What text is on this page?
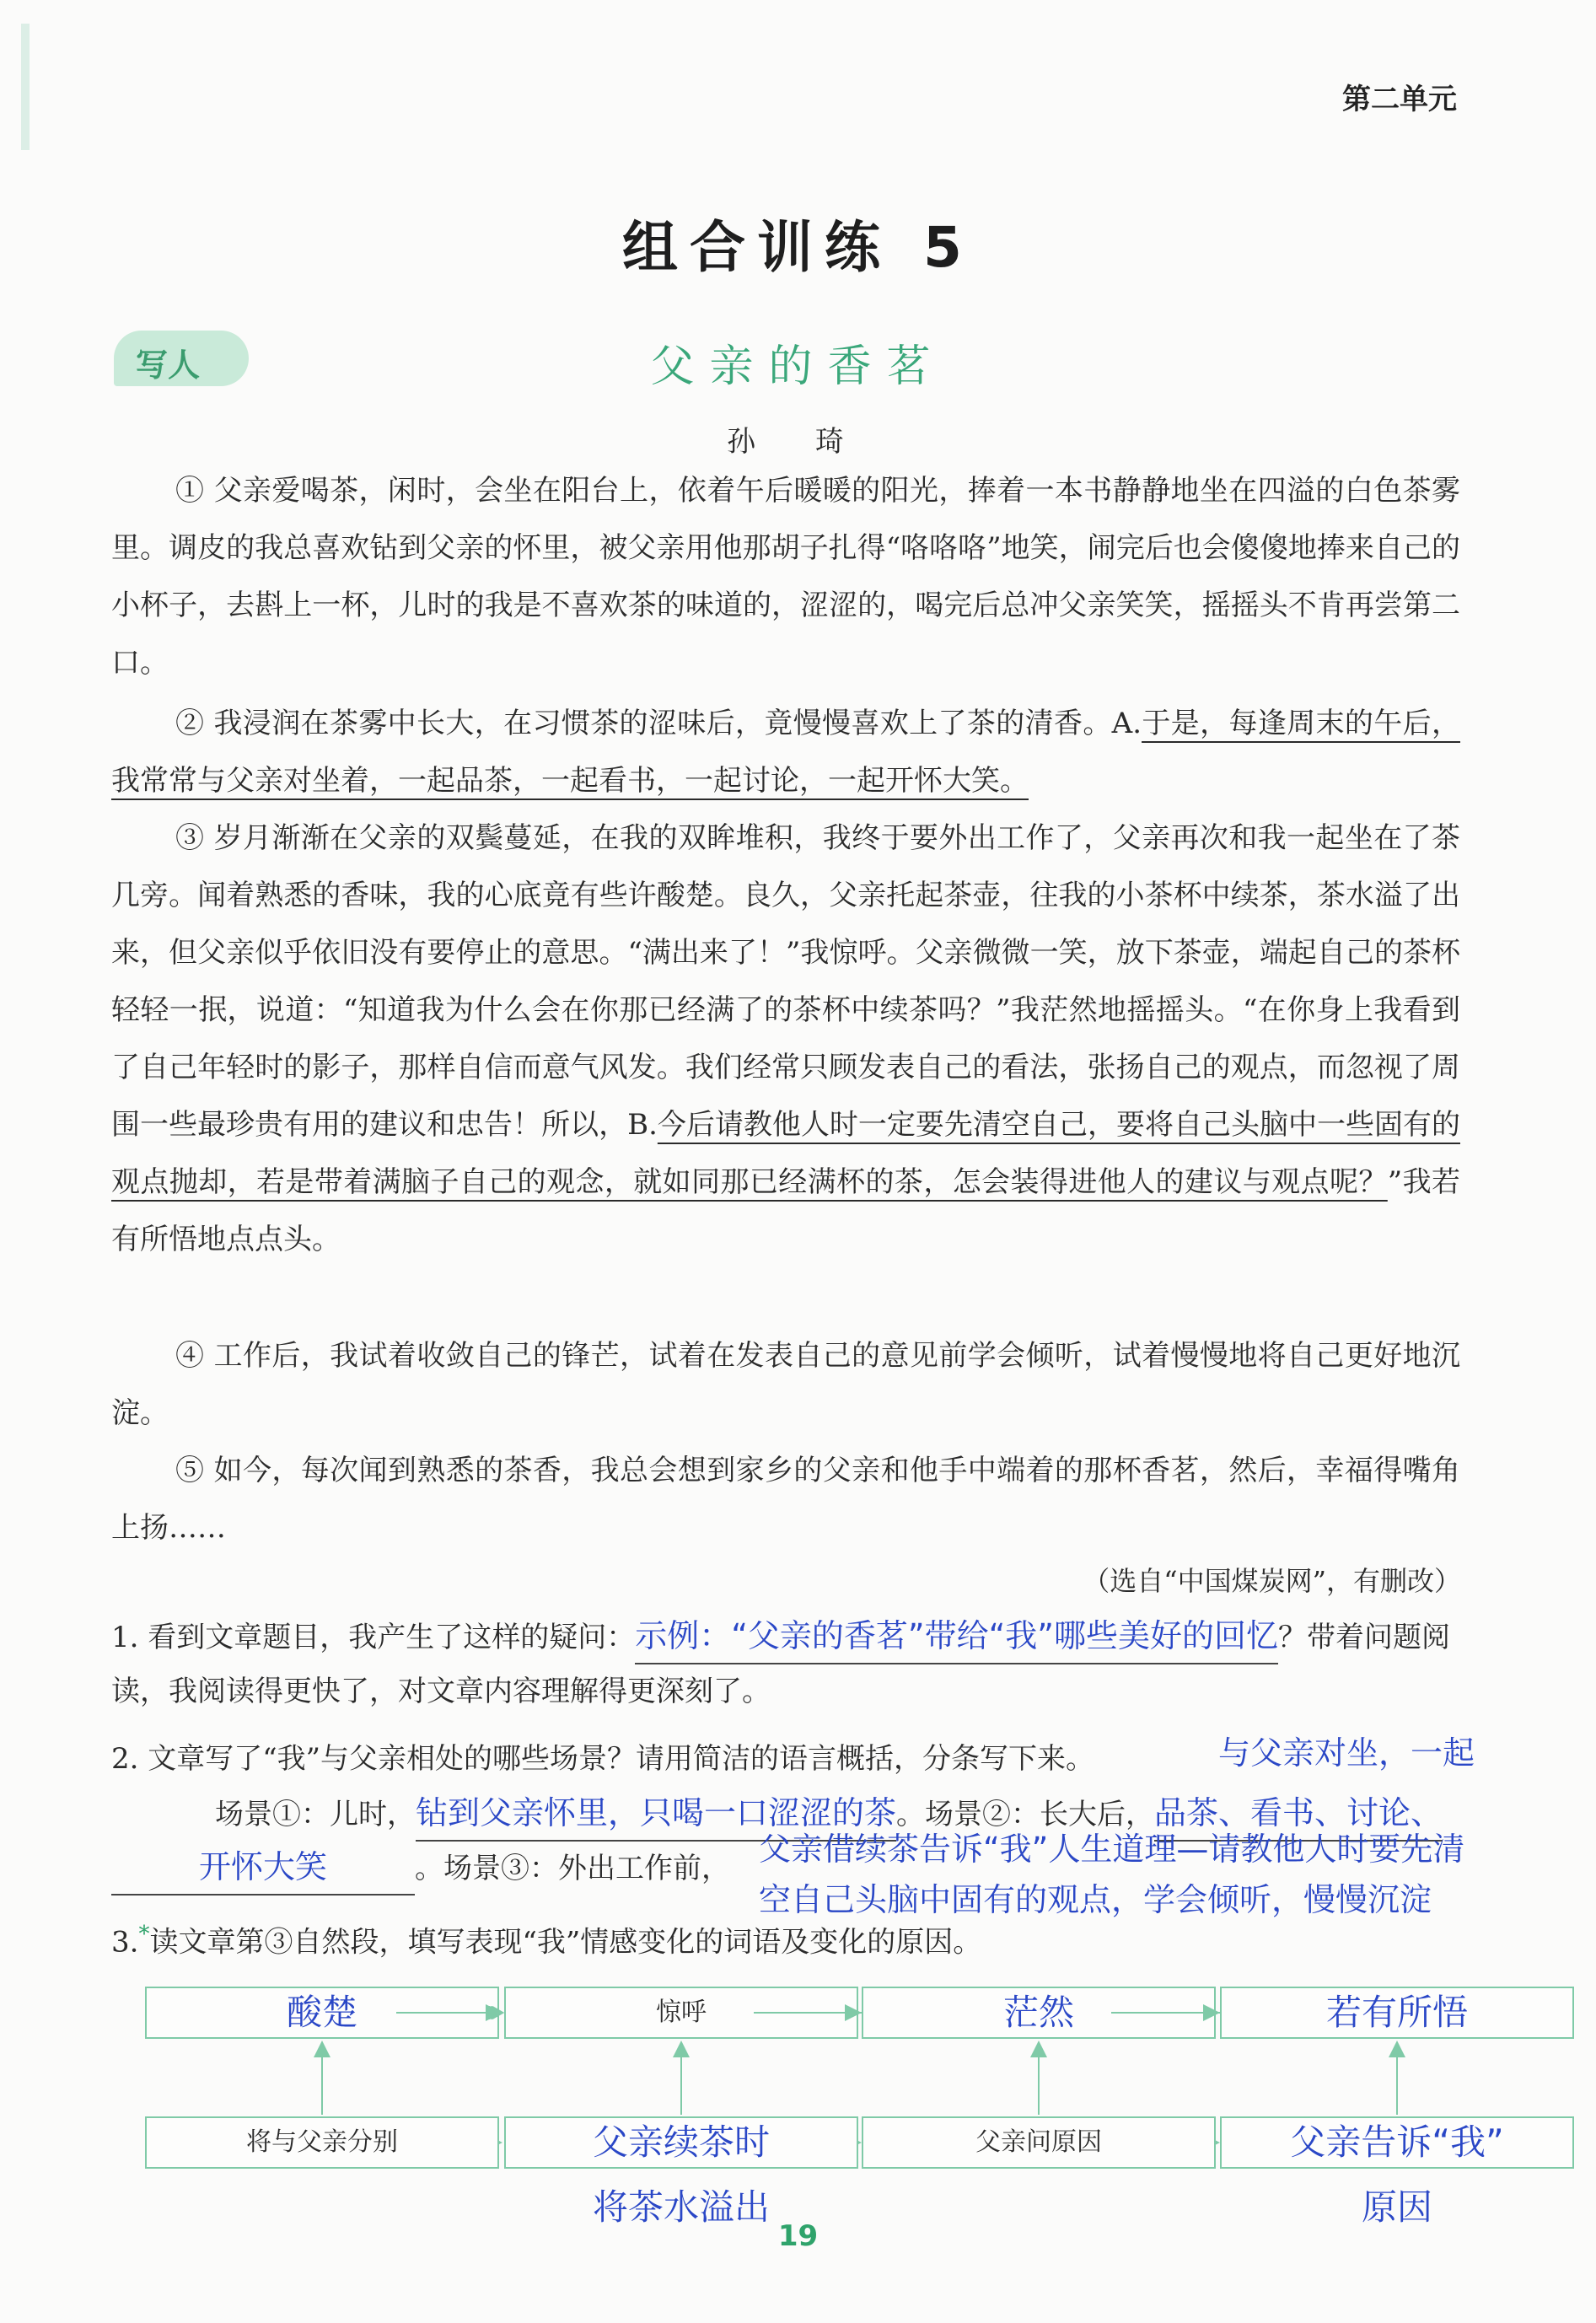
第二单元
组合训练 5
写人	父亲的香茗
孙 琦
① 父亲爱喝茶，闲时，会坐在阳台上，依着午后暖暖的阳光，捧着一本书静静地坐在四溢的白色茶雾里。调皮的我总喜欢钻到父亲的怀里，被父亲用他那胡子扎得“咯咯咯”地笑，闹完后也会傻傻地捧来自己的小杯子，去斟上一杯，儿时的我是不喜欢茶的味道的，涩涩的，喝完后总冲父亲笑笑，摇摇头不肯再尝第二口。
② 我浸润在茶雾中长大，在习惯茶的涩味后，竟慢慢喜欢上了茶的清香。A.于是，每逢周末的午后，我常常与父亲对坐着，一起品茶，一起看书，一起讨论，一起开怀大笑。
③ 岁月渐渐在父亲的双鬓蔓延，在我的双眸堆积，我终于要外出工作了，父亲再次和我一起坐在了茶几旁。闻着熟悉的香味，我的心底竟有些许酸楚。良久，父亲托起茶壶，往我的小茶杯中续茶，茶水溢了出来，但父亲似乎依旧没有要停止的意思。“满出来了！”我惊呼。父亲微微一笑，放下茶壶，端起自己的茶杯轻轻一抿，说道：“知道我为什么会在你那已经满了的茶杯中续茶吗？”我茫然地摇摇头。“在你身上我看到了自己年轻时的影子，那样自信而意气风发。我们经常只顾发表自己的看法，张扬自己的观点，而忽视了周围一些最珍贵有用的建议和忠告！所以，B.今后请教他人时一定要先清空自己，要将自己头脑中一些固有的观点抛却，若是带着满脑子自己的观念，就如同那已经满杯的茶，怎会装得进他人的建议与观点呢？”我若有所悟地点点头。
④ 工作后，我试着收敛自己的锋芒，试着在发表自己的意见前学会倾听，试着慢慢地将自己更好地沉淀。
⑤ 如今，每次闻到熟悉的茶香，我总会想到家乡的父亲和他手中端着的那杯香茗，然后，幸福得嘴角上扬……
（选自“中国煤炭网”，有删改）
1. 看到文章题目，我产生了这样的疑问：示例：“父亲的香茗”带给“我”哪些美好的回忆？带着问题阅读，我阅读得更快了，对文章内容理解得更深刻了。
2. 文章写了“我”与父亲相处的哪些场景？请用简洁的语言概括，分条写下来。	与父亲对坐，一起
场景①：儿时，钻到父亲怀里，只喝一口涩涩的茶。场景②：长大后，品茶、看书、讨论、
开怀大笑	。场景③：外出工作前，
父亲借续茶告诉“我”人生道理—请教他人时要先清
空自己头脑中固有的观点，学会倾听，慢慢沉淀
3.*读文章第③自然段，填写表现“我”情感变化的词语及变化的原因。
酸楚	惊呼	茫然	若有所悟
将与父亲分别	父亲续茶时	父亲问原因	父亲告诉“我”
将茶水溢出	原因
19
